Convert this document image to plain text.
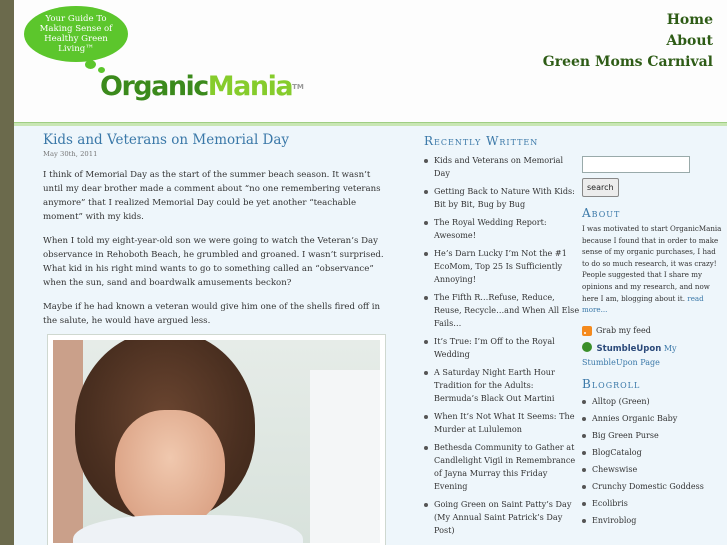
Your Guide To Making Sense of Healthy Green Living™
OrganicMania™
Home
About
Green Moms Carnival
Kids and Veterans on Memorial Day
May 30th, 2011

I think of Memorial Day as the start of the summer beach season. It wasn’t until my dear brother made a comment about “no one remembering veterans anymore” that I realized Memorial Day could be yet another “teachable moment” with my kids.

When I told my eight-year-old son we were going to watch the Veteran’s Day observance in Rehoboth Beach, he grumbled and groaned. I wasn’t surprised. What kid in his right mind wants to go to something called an “observance” when the sun, sand and boardwalk amusements beckon?

Maybe if he had known a veteran would give him one of the shells fired off in the salute, he would have argued less.

Recently Written
Kids and Veterans on Memorial Day
Getting Back to Nature With Kids: Bit by Bit, Bug by Bug
The Royal Wedding Report: Awesome!
He’s Darn Lucky I’m Not the #1 EcoMom, Top 25 Is Sufficiently Annoying!
The Fifth R…Refuse, Reduce, Reuse, Recycle…and When All Else Fails…
It’s True: I’m Off to the Royal Wedding
A Saturday Night Earth Hour Tradition for the Adults: Bermuda’s Black Out Martini
When It’s Not What It Seems: The Murder at Lululemon
Bethesda Community to Gather at Candlelight Vigil in Remembrance of Jayna Murray this Friday Evening
Going Green on Saint Patty’s Day (My Annual Saint Patrick’s Day Post)
search
About
I was motivated to start OrganicMania because I found that in order to make sense of my organic purchases, I had to do so much research, it was crazy! People suggested that I share my opinions and my research, and now here I am, blogging about it. read more...
Grab my feed
StumbleUpon My
StumbleUpon Page
Blogroll
Alltop (Green)
Annies Organic Baby
Big Green Purse
BlogCatalog
Chewswise
Crunchy Domestic Goddess
Ecolibris
Enviroblog
